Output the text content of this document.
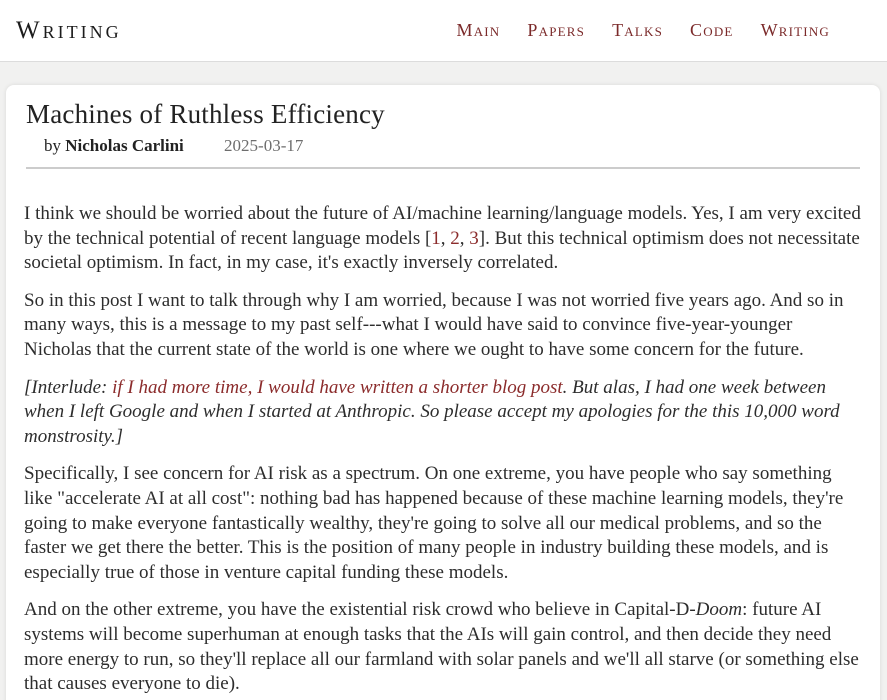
Writing	Main Papers Talks Code Writing
Machines of Ruthless Efficiency
by Nicholas Carlini 2025-03-17

I think we should be worried about the future of AI/machine learning/language models. Yes, I am very excited by the technical potential of recent language models [1, 2, 3]. But this technical optimism does not necessitate societal optimism. In fact, in my case, it's exactly inversely correlated.

So in this post I want to talk through why I am worried, because I was not worried five years ago. And so in many ways, this is a message to my past self---what I would have said to convince five-year-younger Nicholas that the current state of the world is one where we ought to have some concern for the future.

[Interlude: if I had more time, I would have written a shorter blog post. But alas, I had one week between when I left Google and when I started at Anthropic. So please accept my apologies for the this 10,000 word monstrosity.]

Specifically, I see concern for AI risk as a spectrum. On one extreme, you have people who say something like "accelerate AI at all cost": nothing bad has happened because of these machine learning models, they're going to make everyone fantastically wealthy, they're going to solve all our medical problems, and so the faster we get there the better. This is the position of many people in industry building these models, and is especially true of those in venture capital funding these models.

And on the other extreme, you have the existential risk crowd who believe in Capital-D-Doom: future AI systems will become superhuman at enough tasks that the AIs will gain control, and then decide they need more energy to run, so they'll replace all our farmland with solar panels and we'll all starve (or something else that causes everyone to die).
